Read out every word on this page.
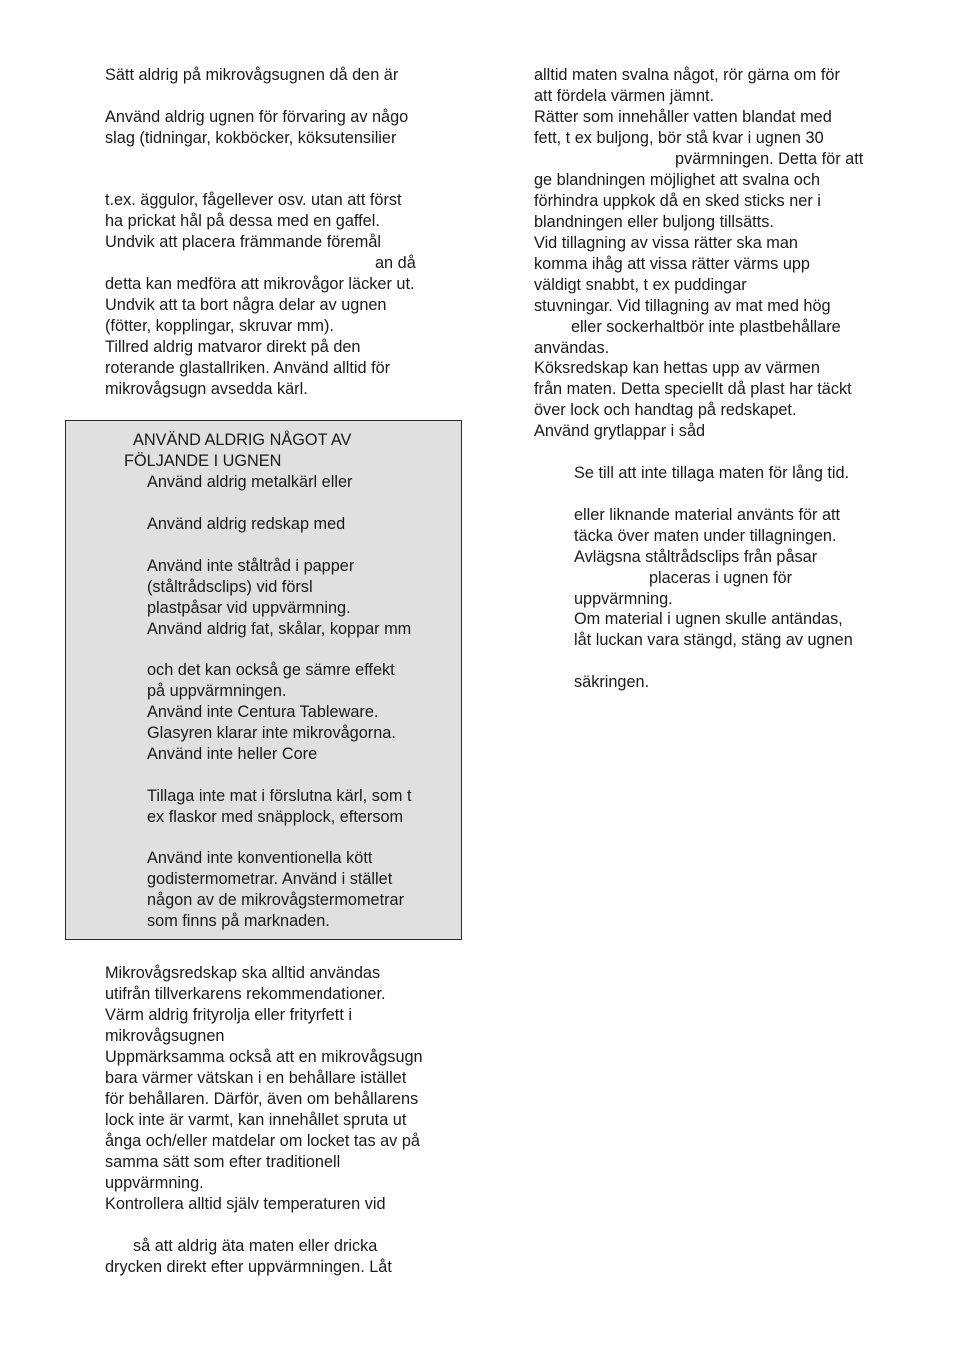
Sätt aldrig på mikrovågsugnen då den är
Använd aldrig ugnen för förvaring av någo
slag (tidningar, kokböcker, köksutensilier
t.ex. äggulor, fågellever osv. utan att först
ha prickat hål på dessa med en gaffel.
Undvik att placera främmande föremål
an då
detta kan medföra att mikrovågor läcker ut.
Undvik att ta bort några delar av ugnen
(fötter, kopplingar, skruvar mm).
Tillred aldrig matvaror direkt på den
roterande glastallriken. Använd alltid för
mikrovågsugn avsedda kärl.
ANVÄND ALDRIG NÅGOT AV
FÖLJANDE I UGNEN
Använd aldrig metalkärl eller
Använd aldrig redskap med
Använd inte ståltråd i papper
(ståltrådsclips) vid försl
plastpåsar vid uppvärmning.
Använd aldrig fat, skålar, koppar mm
och det kan också ge sämre effekt
på uppvärmningen.
Använd inte Centura Tableware.
Glasyren klarar inte mikrovågorna.
Använd inte heller Core
Tillaga inte mat i förslutna kärl, som t
ex flaskor med snäpplock, eftersom
Använd inte konventionella kött
godistermometrar. Använd i stället
någon av de mikrovågstermometrar
som finns på marknaden.
Mikrovågsredskap ska alltid användas
utifrån tillverkarens rekommendationer.
Värm aldrig frityrolja eller frityrfett i
mikrovågsugnen
Uppmärksamma också att en mikrovågsugn
bara värmer vätskan i en behållare istället
för behållaren. Därför, även om behållarens
lock inte är varmt, kan innehållet spruta ut
ånga och/eller matdelar om locket tas av på
samma sätt som efter traditionell
uppvärmning.
Kontrollera alltid själv temperaturen vid
så att aldrig äta maten eller dricka
drycken direkt efter uppvärmningen. Låt
alltid maten svalna något, rör gärna om för
att fördela värmen jämnt.
Rätter som innehåller vatten blandat med
fett, t ex buljong, bör stå kvar i ugnen 30
pvärmningen. Detta för att
ge blandningen möjlighet att svalna och
förhindra uppkok då en sked sticks ner i
blandningen eller buljong tillsätts.
Vid tillagning av vissa rätter ska man
komma ihåg att vissa rätter värms upp
väldigt snabbt, t ex puddingar
stuvningar. Vid tillagning av mat med hög
eller sockerhaltbör inte plastbehållare
användas.
Köksredskap kan hettas upp av värmen
från maten. Detta speciellt då plast har täckt
över lock och handtag på redskapet.
Använd grytlappar i såd
Se till att inte tillaga maten för lång tid.
eller liknande material använts för att
täcka över maten under tillagningen.
Avlägsna ståltrådsclips från påsar
placeras i ugnen för
uppvärmning.
Om material i ugnen skulle antändas,
låt luckan vara stängd, stäng av ugnen
säkringen.
